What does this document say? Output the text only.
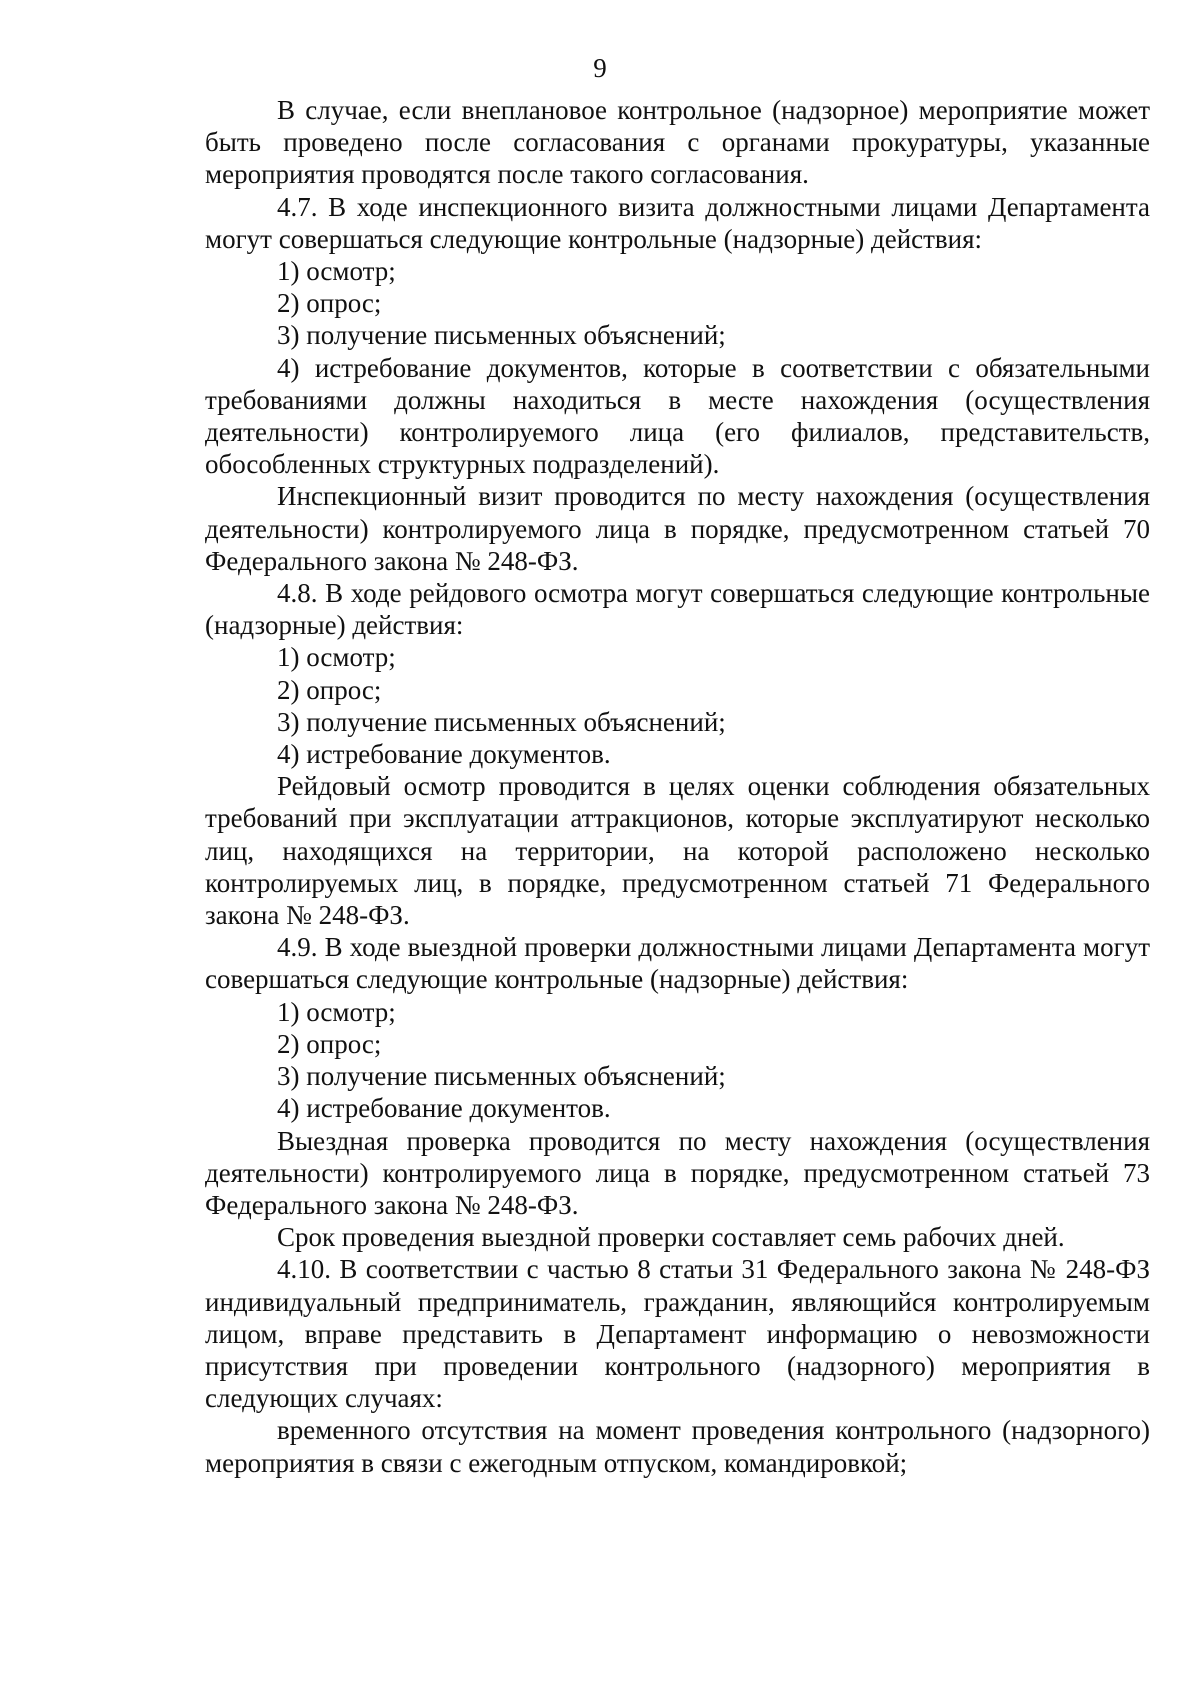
9

В случае, если внеплановое контрольное (надзорное) мероприятие может быть проведено после согласования с органами прокуратуры, указанные мероприятия проводятся после такого согласования.

4.7. В ходе инспекционного визита должностными лицами Департамента могут совершаться следующие контрольные (надзорные) действия:

1) осмотр;

2) опрос;

3) получение письменных объяснений;

4) истребование документов, которые в соответствии с обязательными требованиями должны находиться в месте нахождения (осуществления деятельности) контролируемого лица (его филиалов, представительств, обособленных структурных подразделений).

Инспекционный визит проводится по месту нахождения (осуществления деятельности) контролируемого лица в порядке, предусмотренном статьей 70 Федерального закона № 248-ФЗ.

4.8. В ходе рейдового осмотра могут совершаться следующие контрольные (надзорные) действия:

1) осмотр;

2) опрос;

3) получение письменных объяснений;

4) истребование документов.

Рейдовый осмотр проводится в целях оценки соблюдения обязательных требований при эксплуатации аттракционов, которые эксплуатируют несколько лиц, находящихся на территории, на которой расположено несколько контролируемых лиц, в порядке, предусмотренном статьей 71 Федерального закона № 248-ФЗ.

4.9. В ходе выездной проверки должностными лицами Департамента могут совершаться следующие контрольные (надзорные) действия:

1) осмотр;

2) опрос;

3) получение письменных объяснений;

4) истребование документов.

Выездная проверка проводится по месту нахождения (осуществления деятельности) контролируемого лица в порядке, предусмотренном статьей 73 Федерального закона № 248-ФЗ.

Срок проведения выездной проверки составляет семь рабочих дней.

4.10. В соответствии с частью 8 статьи 31 Федерального закона № 248-ФЗ индивидуальный предприниматель, гражданин, являющийся контролируемым лицом, вправе представить в Департамент информацию о невозможности присутствия при проведении контрольного (надзорного) мероприятия в следующих случаях:

временного отсутствия на момент проведения контрольного (надзорного) мероприятия в связи с ежегодным отпуском, командировкой;
